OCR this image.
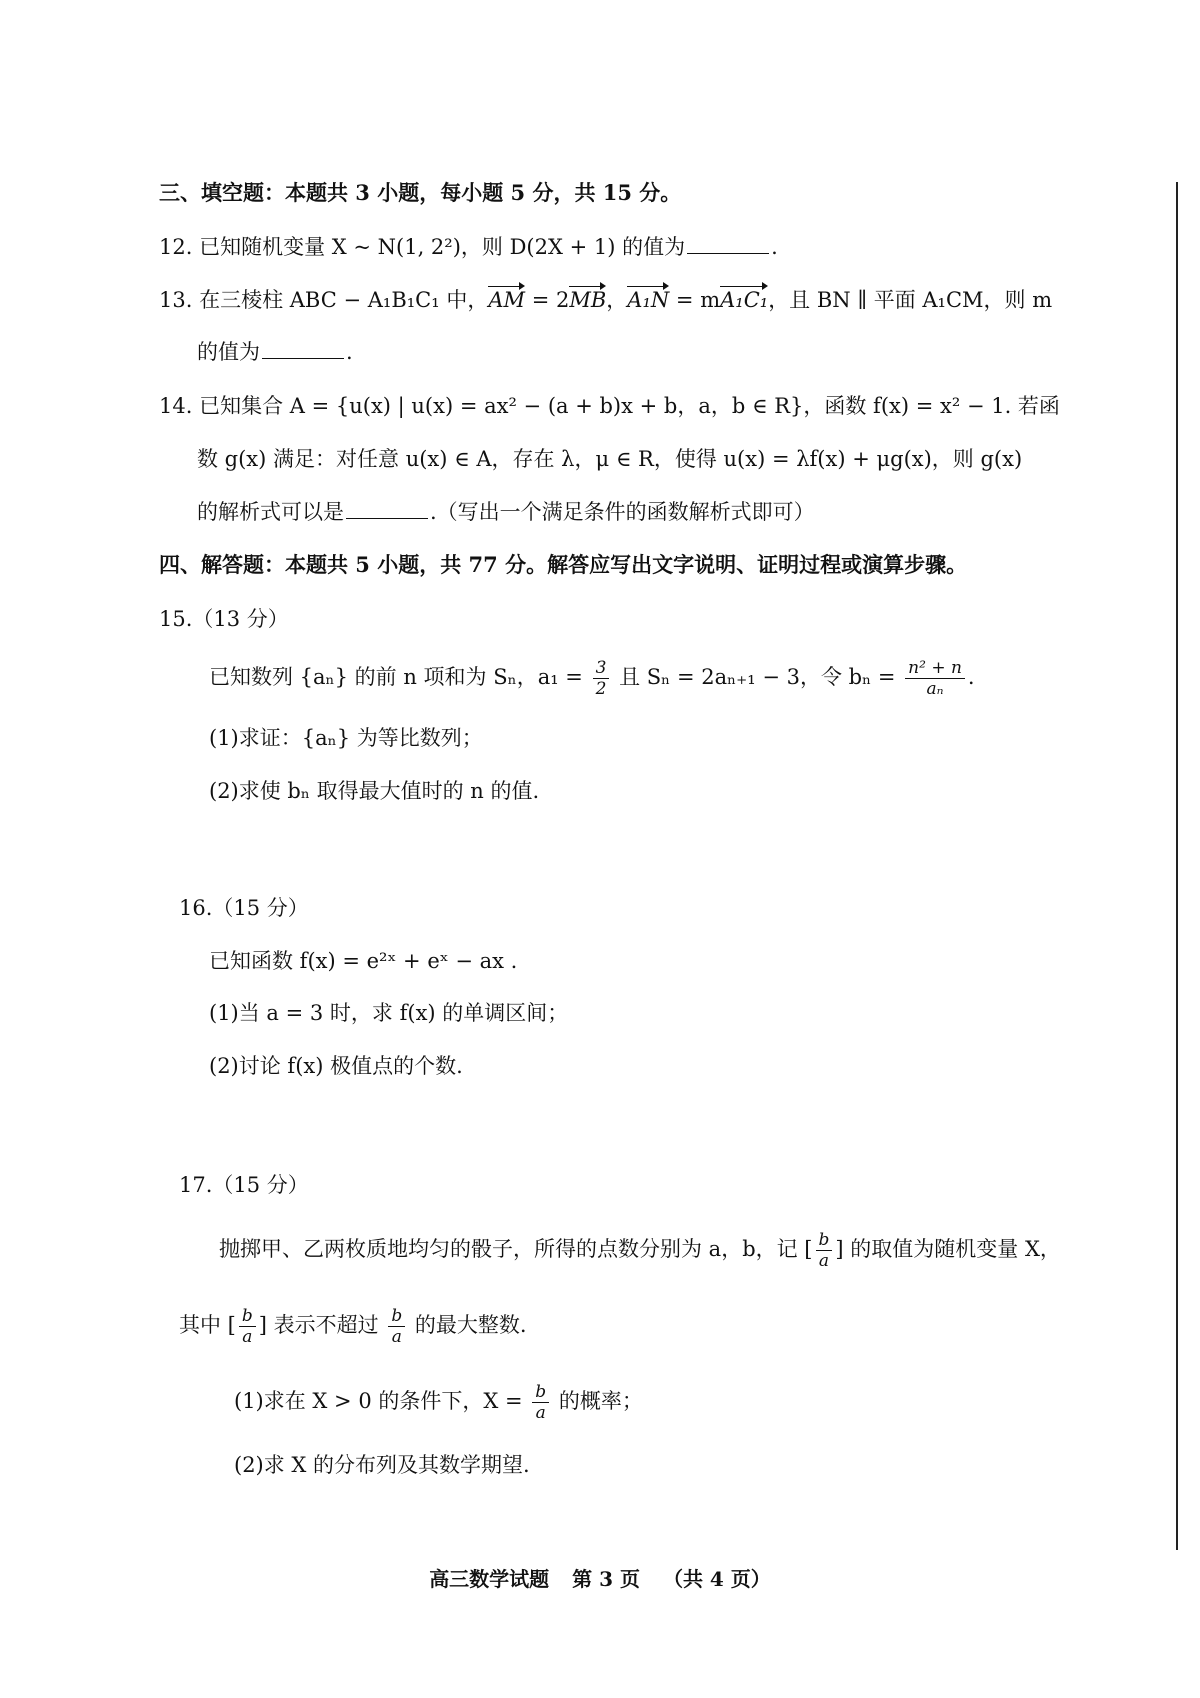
三、填空题：本题共 3 小题，每小题 5 分，共 15 分。
12. 已知随机变量 X ~ N(1, 2²)，则 D(2X + 1) 的值为	.
13. 在三棱柱 ABC − A₁B₁C₁ 中，AM = 2MB，A₁N = mA₁C₁，且 BN ∥ 平面 A₁CM，则 m
的值为	.
14. 已知集合 A = {u(x) | u(x) = ax² − (a + b)x + b，a，b ∈ R}，函数 f(x) = x² − 1. 若函
数 g(x) 满足：对任意 u(x) ∈ A，存在 λ，μ ∈ R，使得 u(x) = λf(x) + μg(x)，则 g(x)
的解析式可以是	.（写出一个满足条件的函数解析式即可）
四、解答题：本题共 5 小题，共 77 分。解答应写出文字说明、证明过程或演算步骤。
15.（13 分）
已知数列 {aₙ} 的前 n 项和为 Sₙ，$a_1 = \frac{3}{2}$ 且 Sₙ = 2aₙ₊₁ − 3，令 $b_n = \frac{\text{n² + n}}{\text{aₙ}}$ .
(1)求证：{aₙ} 为等比数列；
(2)求使 bₙ 取得最大值时的 n 的值.
16.（15 分）
已知函数 f(x) = e²ˣ + eˣ − ax .
(1)当 a = 3 时，求 f(x) 的单调区间；
(2)讨论 f(x) 极值点的个数.
17.（15 分）
抛掷甲、乙两枚质地均匀的骰子，所得的点数分别为 a，b，记 [ $\frac{b}{a}$ ] 的取值为随机变量 X，
其中 [ $\frac{b}{a}$ ] 表示不超过 $\frac{b}{a}$ 的最大整数.
(1)求在 X > 0 的条件下，$X = \frac{b}{a}$ 的概率；
(2)求 X 的分布列及其数学期望.
高三数学试题 第 3 页 （共 4 页）
